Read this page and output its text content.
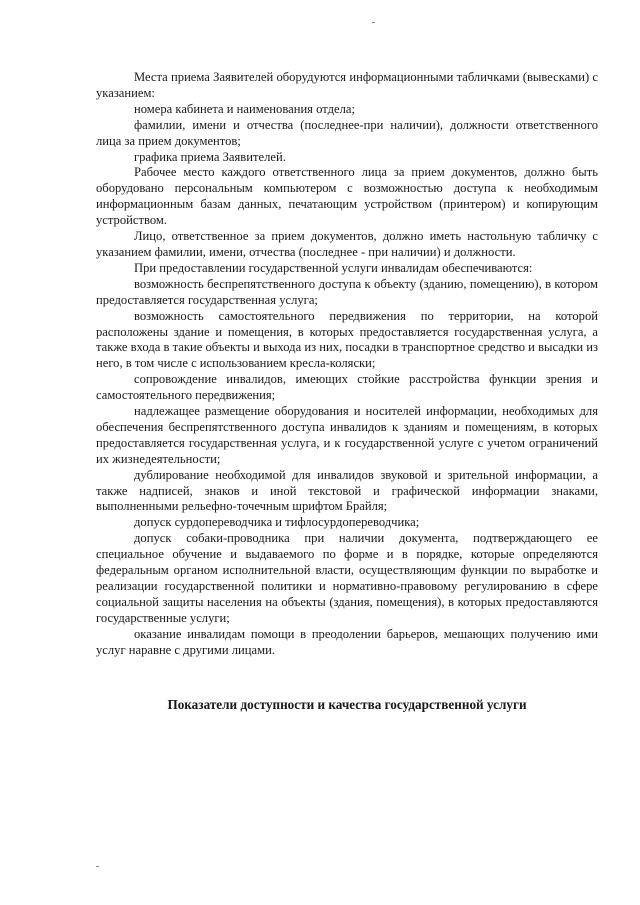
Места приема Заявителей оборудуются информационными табличками (вывесками) с указанием:

номера кабинета и наименования отдела;

фамилии, имени и отчества (последнее-при наличии), должности ответственного лица за прием документов;

графика приема Заявителей.

Рабочее место каждого ответственного лица за прием документов, должно быть оборудовано персональным компьютером с возможностью доступа к необходимым информационным базам данных, печатающим устройством (принтером) и копирующим устройством.

Лицо, ответственное за прием документов, должно иметь настольную табличку с указанием фамилии, имени, отчества (последнее - при наличии) и должности.

При предоставлении государственной услуги инвалидам обеспечиваются:

возможность беспрепятственного доступа к объекту (зданию, помещению), в котором предоставляется государственная услуга;

возможность самостоятельного передвижения по территории, на которой расположены здание и помещения, в которых предоставляется государственная услуга, а также входа в такие объекты и выхода из них, посадки в транспортное средство и высадки из него, в том числе с использованием кресла-коляски;

сопровождение инвалидов, имеющих стойкие расстройства функции зрения и самостоятельного передвижения;

надлежащее размещение оборудования и носителей информации, необходимых для обеспечения беспрепятственного доступа инвалидов к зданиям и помещениям, в которых предоставляется государственная услуга, и к государственной услуге с учетом ограничений их жизнедеятельности;

дублирование необходимой для инвалидов звуковой и зрительной информации, а также надписей, знаков и иной текстовой и графической информации знаками, выполненными рельефно-точечным шрифтом Брайля;

допуск сурдопереводчика и тифлосурдопереводчика;

допуск собаки-проводника при наличии документа, подтверждающего ее специальное обучение и выдаваемого по форме и в порядке, которые определяются федеральным органом исполнительной власти, осуществляющим функции по выработке и реализации государственной политики и нормативно-правовому регулированию в сфере социальной защиты населения на объекты (здания, помещения), в которых предоставляются государственные услуги;

оказание инвалидам помощи в преодолении барьеров, мешающих получению ими услуг наравне с другими лицами.

Показатели доступности и качества государственной услуги
